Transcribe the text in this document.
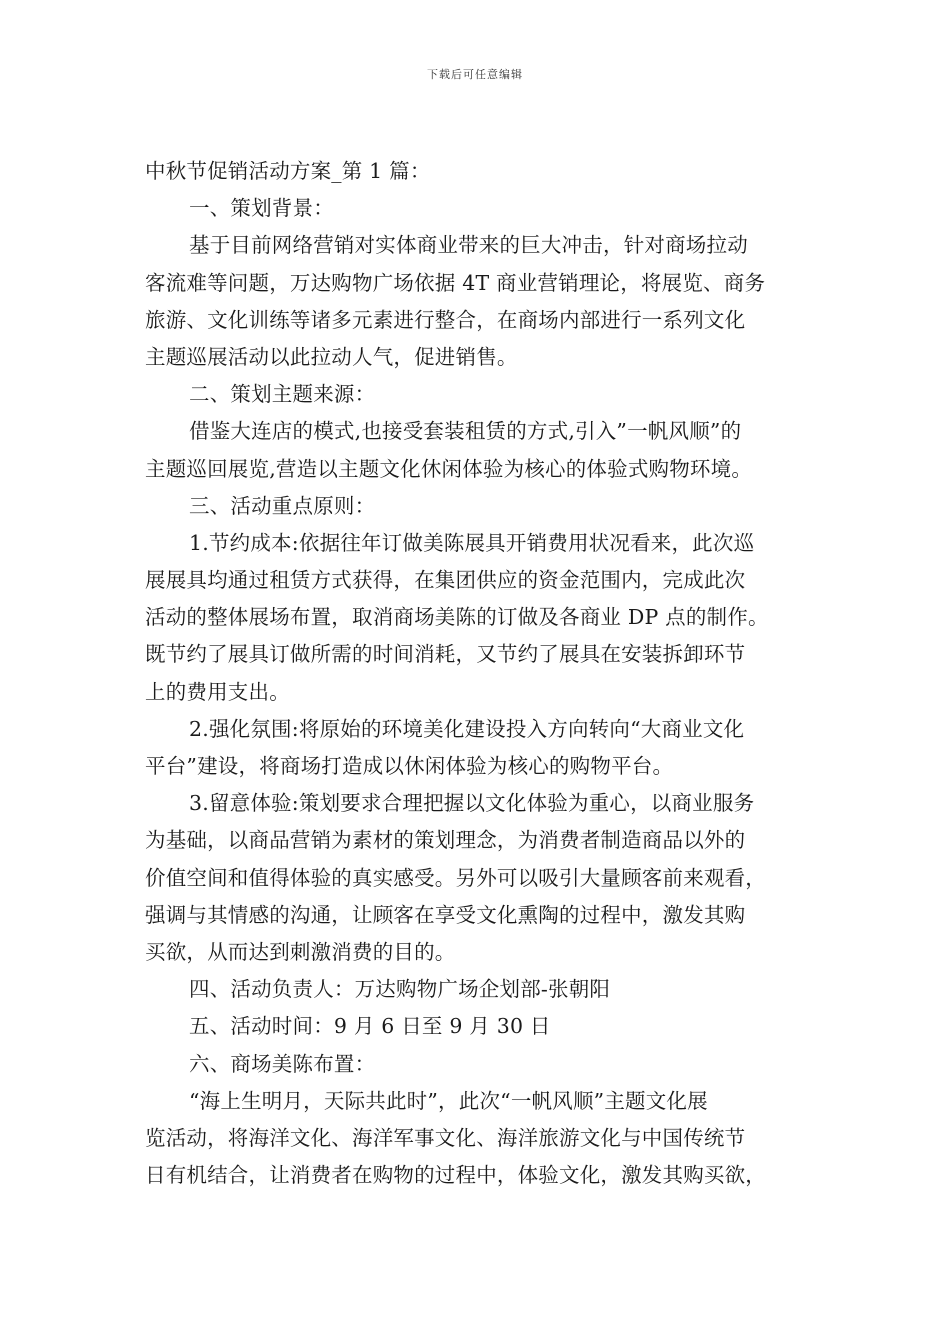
下载后可任意编辑
中秋节促销活动方案_第 1 篇：
一、策划背景：
基于目前网络营销对实体商业带来的巨大冲击，针对商场拉动
客流难等问题，万达购物广场依据 4T 商业营销理论，将展览、商务
旅游、文化训练等诸多元素进行整合，在商场内部进行一系列文化
主题巡展活动以此拉动人气，促进销售。
二、策划主题来源：
借鉴大连店的模式,也接受套装租赁的方式,引入”一帆风顺”的
主题巡回展览,营造以主题文化休闲体验为核心的体验式购物环境。
三、活动重点原则：
1.节约成本:依据往年订做美陈展具开销费用状况看来，此次巡
展展具均通过租赁方式获得，在集团供应的资金范围内，完成此次
活动的整体展场布置，取消商场美陈的订做及各商业 DP 点的制作。
既节约了展具订做所需的时间消耗，又节约了展具在安装拆卸环节
上的费用支出。
2.强化氛围:将原始的环境美化建设投入方向转向“大商业文化
平台”建设，将商场打造成以休闲体验为核心的购物平台。
3.留意体验:策划要求合理把握以文化体验为重心，以商业服务
为基础，以商品营销为素材的策划理念，为消费者制造商品以外的
价值空间和值得体验的真实感受。另外可以吸引大量顾客前来观看，
强调与其情感的沟通，让顾客在享受文化熏陶的过程中，激发其购
买欲，从而达到刺激消费的目的。
四、活动负责人：万达购物广场企划部-张朝阳
五、活动时间：9 月 6 日至 9 月 30 日
六、商场美陈布置：
“海上生明月，天际共此时”，此次“一帆风顺”主题文化展
览活动，将海洋文化、海洋军事文化、海洋旅游文化与中国传统节
日有机结合，让消费者在购物的过程中，体验文化，激发其购买欲，
